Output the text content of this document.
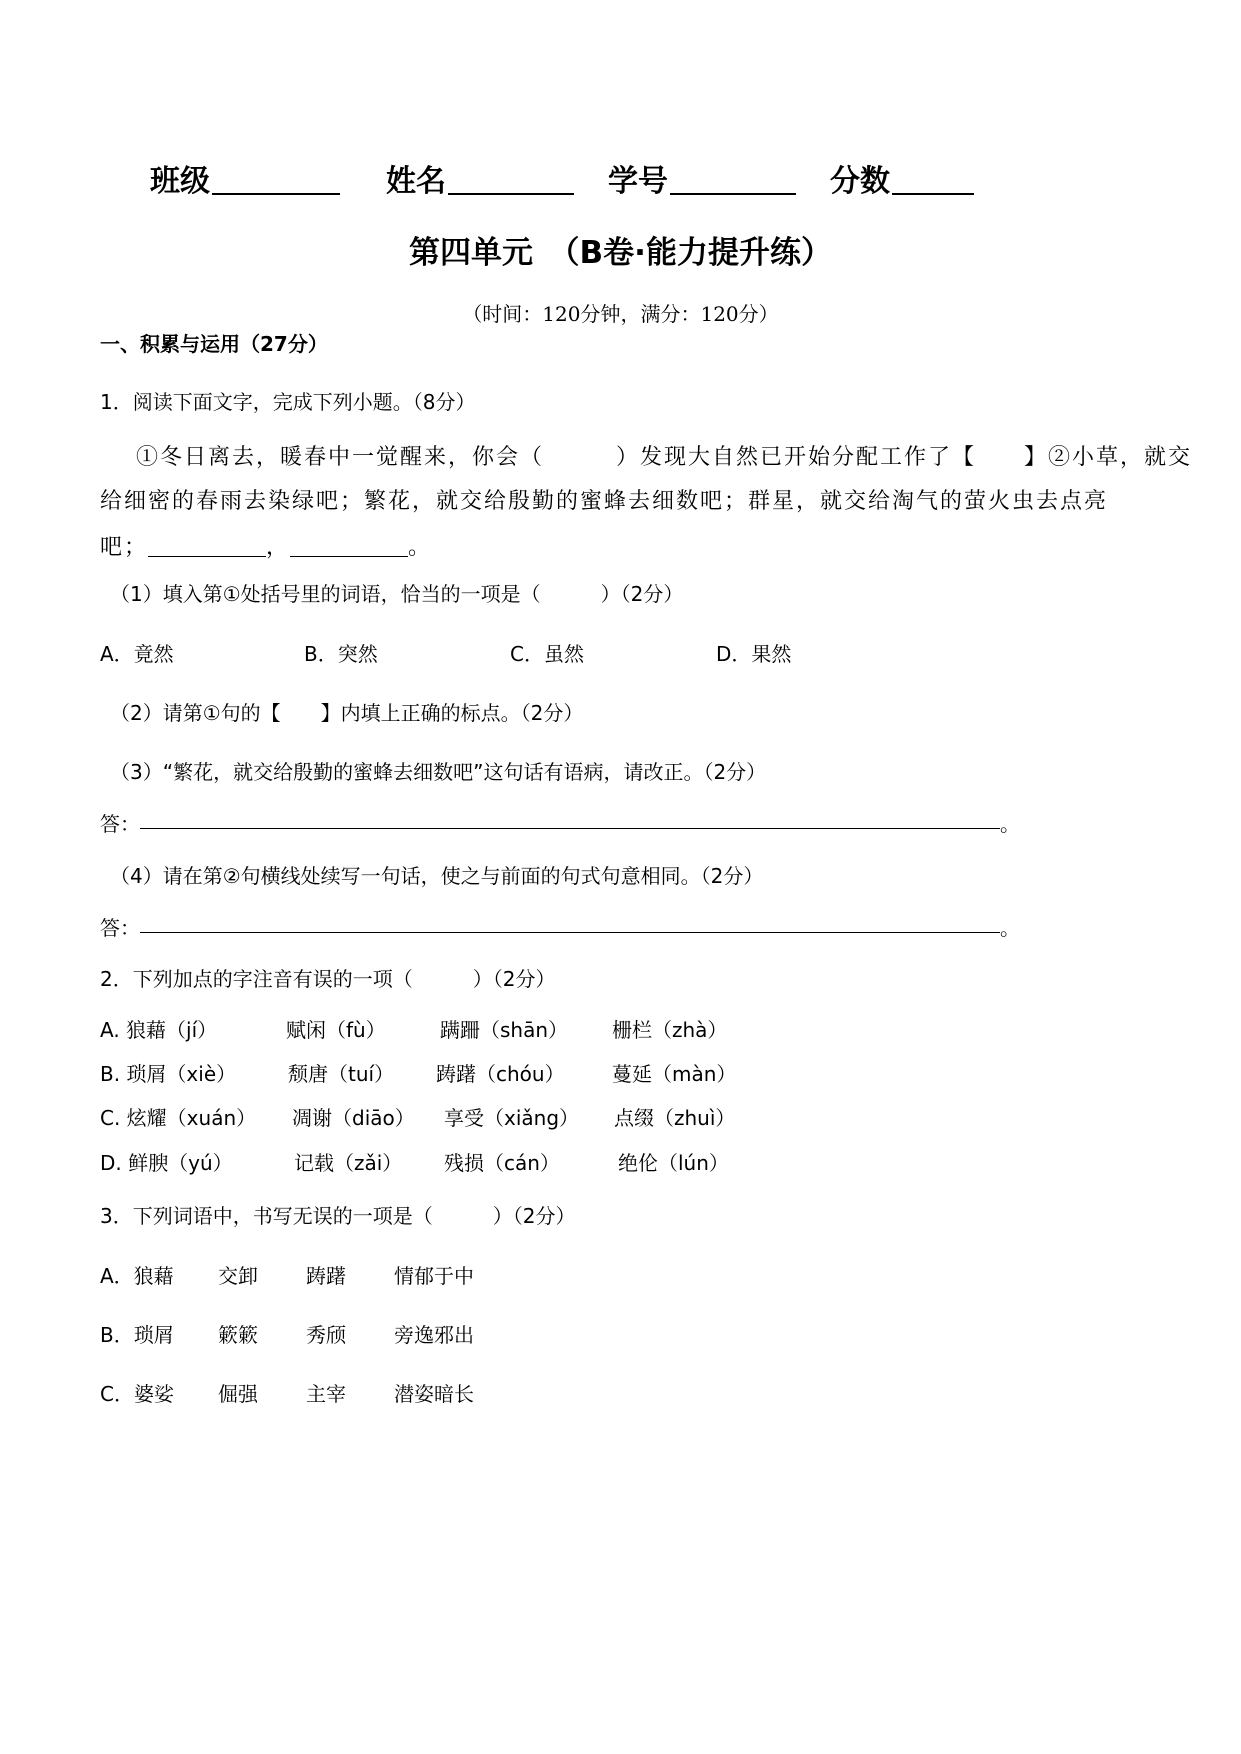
班级	姓名	学号	分数
第四单元　（B卷·能力提升练）
（时间：120分钟，满分：120分）
一、积累与运用（27分）
1．阅读下面文字，完成下列小题。（8分）
①冬日离去，暖春中一觉醒来，你会（　　　）发现大自然已开始分配工作了【　　】②小草，就交
给细密的春雨去染绿吧；繁花，就交给殷勤的蜜蜂去细数吧；群星，就交给淘气的萤火虫去点亮
吧；	，	。
（1）填入第①处括号里的词语，恰当的一项是（　　　）（2分）
A．竟然	B．突然	C．虽然	D．果然
（2）请第①句的【　　】内填上正确的标点。（2分）
（3）“繁花，就交给殷勤的蜜蜂去细数吧”这句话有语病，请改正。（2分）
答：	。
（4）请在第②句横线处续写一句话，使之与前面的句式句意相同。（2分）
答：	。
2．下列加点的字注音有误的一项（　　　）（2分）
A. 狼藉（jí）	赋闲（fù）	蹒跚（shān） 栅栏（zhà）
B. 琐屑（xiè）	颓唐（tuí） 踌躇（chóu） 蔓延（màn）
C. 炫耀（xuán） 凋谢（diāo） 享受（xiǎng） 点缀（zhuì）
D. 鲜腴（yú）	记载（zǎi） 残损（cán）	绝伦（lún）
3．下列词语中，书写无误的一项是（　　　）（2分）
A．狼藉 交卸 踌躇 情郁于中
B．琐屑 簌簌 秀颀 旁逸邪出
C．婆娑 倔强 主宰 潜姿暗长
